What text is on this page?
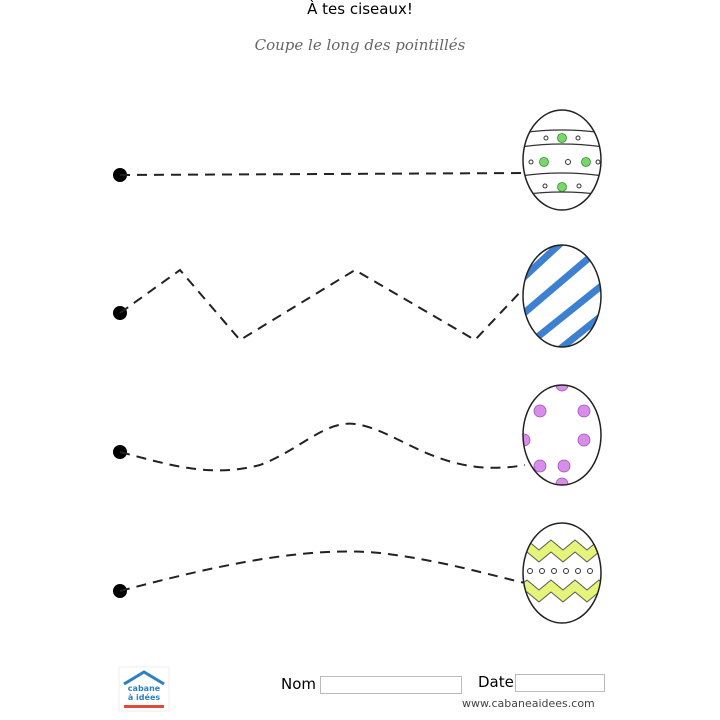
À tes ciseaux!
Coupe le long des pointillés
cabane
à idées
Nom	Date
www.cabaneaidees.com
